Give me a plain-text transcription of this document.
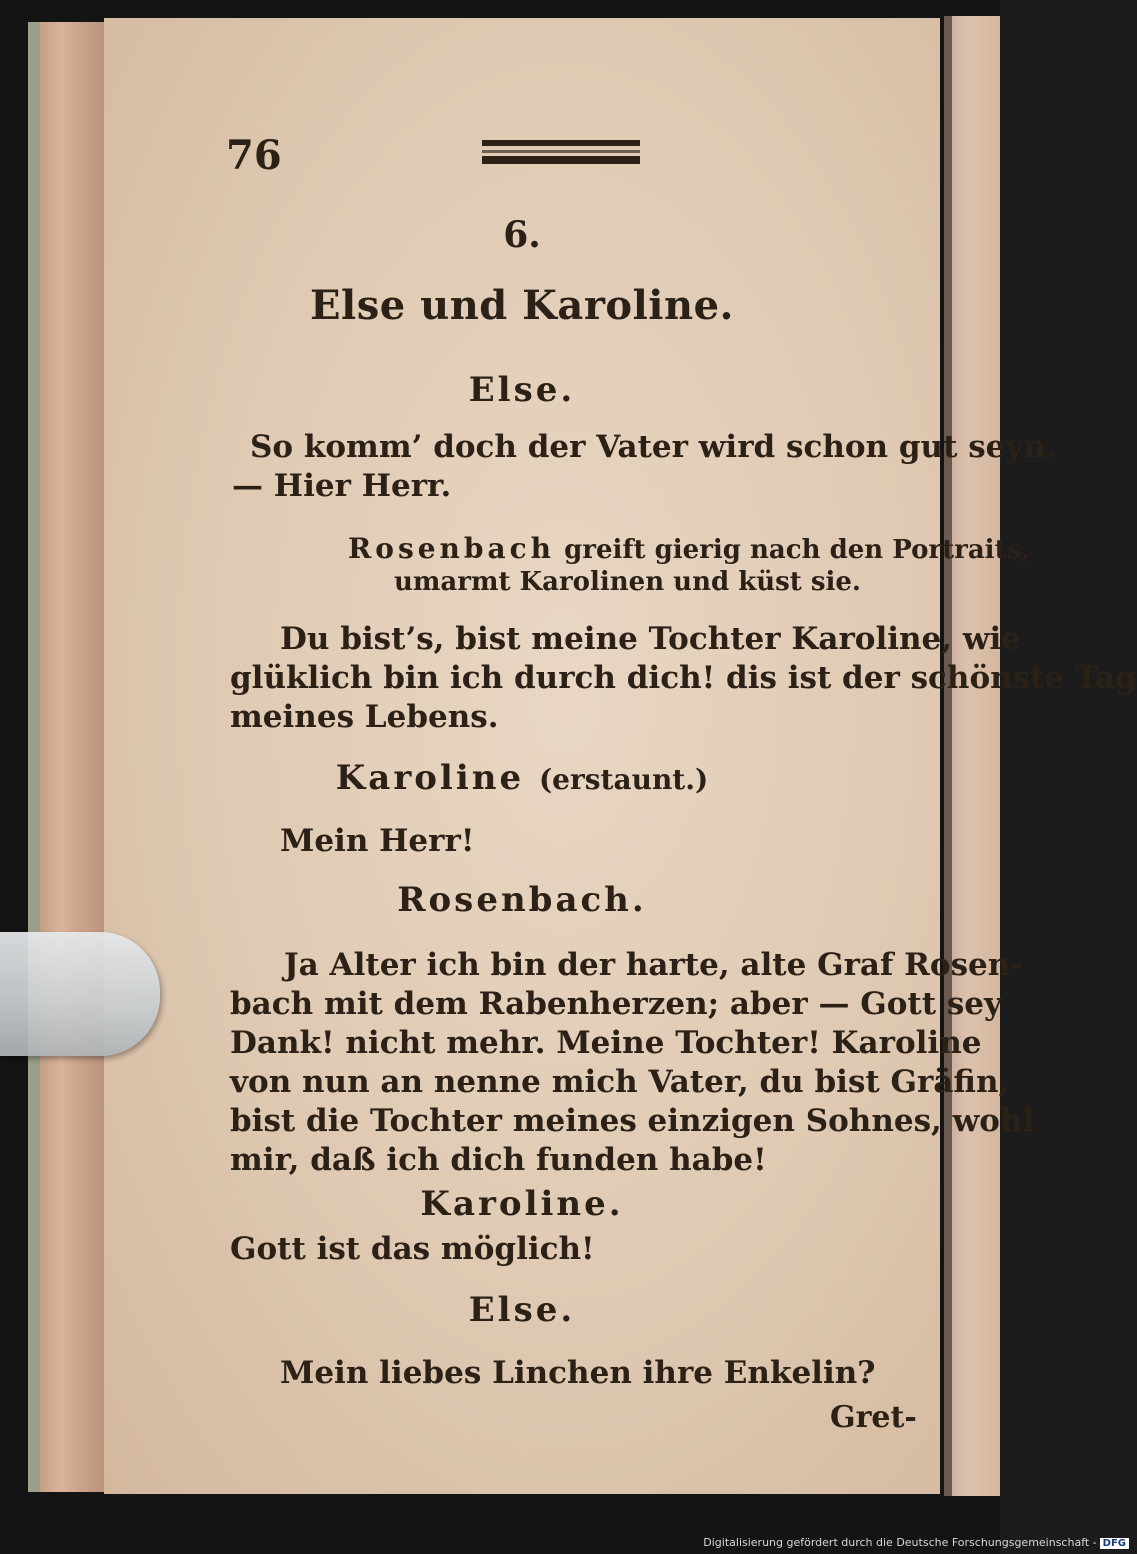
76
6.
Else und Karoline.
Else.
So komm’ doch der Vater wird schon gut seyn.
— Hier Herr.
Rosenbach greift gierig nach den Portraits,
umarmt Karolinen und küst sie.
Du bist’s, bist meine Tochter Karoline, wie
glüklich bin ich durch dich! dis ist der schönste Tag
meines Lebens.
Karoline (erstaunt.)
Mein Herr!
Rosenbach.
Ja Alter ich bin der harte, alte Graf Rosen-
bach mit dem Rabenherzen; aber — Gott sey
Dank! nicht mehr. Meine Tochter! Karoline
von nun an nenne mich Vater, du bist Gräfin,
bist die Tochter meines einzigen Sohnes, wohl
mir, daß ich dich funden habe!
Karoline.
Gott ist das möglich!
Else.
Mein liebes Linchen ihre Enkelin?
Gret-
Digitalisierung gefördert durch die Deutsche Forschungsgemeinschaft - DFG
